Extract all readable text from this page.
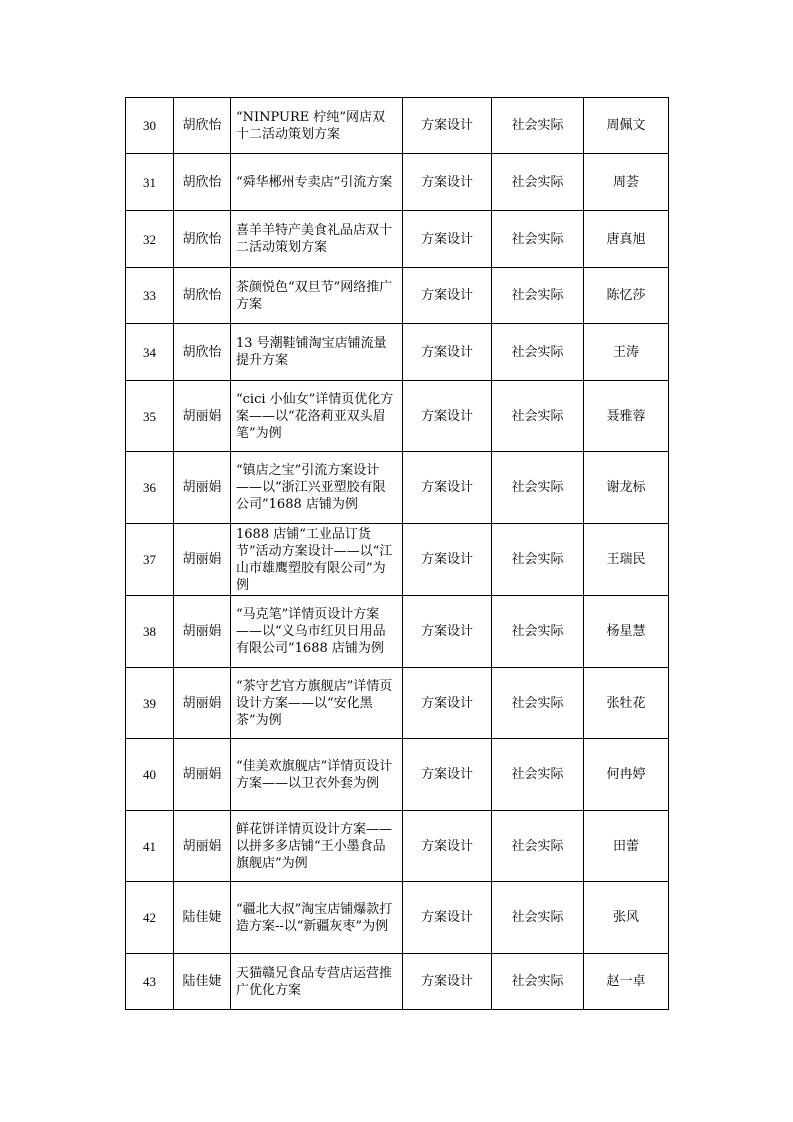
30	胡欣怡	“NINPURE 柠纯”网店双十二活动策划方案	方案设计	社会实际	周佩文
31	胡欣怡	“舜华郴州专卖店”引流方案	方案设计	社会实际	周荟
32	胡欣怡	喜羊羊特产美食礼品店双十二活动策划方案	方案设计	社会实际	唐真旭
33	胡欣怡	茶颜悦色“双旦节”网络推广方案	方案设计	社会实际	陈忆莎
34	胡欣怡	13 号潮鞋铺淘宝店铺流量提升方案	方案设计	社会实际	王涛
35	胡丽娟	“cici 小仙女”详情页优化方案——以“花洛莉亚双头眉笔”为例	方案设计	社会实际	聂雅蓉
36	胡丽娟	“镇店之宝”引流方案设计——以“浙江兴亚塑胶有限公司”1688 店铺为例	方案设计	社会实际	谢龙标
37	胡丽娟	1688 店铺“工业品订货节”活动方案设计——以“江山市雄鹰塑胶有限公司”为例	方案设计	社会实际	王瑞民
38	胡丽娟	“马克笔”详情页设计方案——以“义乌市红贝日用品有限公司”1688 店铺为例	方案设计	社会实际	杨星慧
39	胡丽娟	“茶守艺官方旗舰店”详情页设计方案——以“安化黑茶”为例	方案设计	社会实际	张牡花
40	胡丽娟	“佳美欢旗舰店”详情页设计方案——以卫衣外套为例	方案设计	社会实际	何冉婷
41	胡丽娟	鲜花饼详情页设计方案——以拼多多店铺“王小墨食品旗舰店”为例	方案设计	社会实际	田蕾
42	陆佳婕	“疆北大叔”淘宝店铺爆款打造方案--以“新疆灰枣”为例	方案设计	社会实际	张风
43	陆佳婕	天猫赣兄食品专营店运营推广优化方案	方案设计	社会实际	赵一卓
